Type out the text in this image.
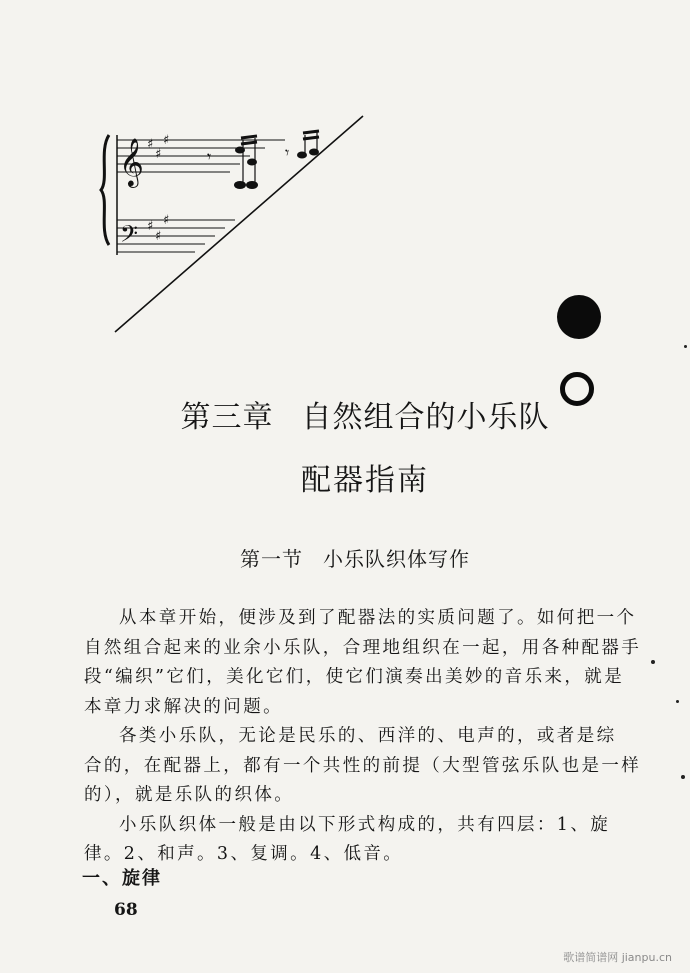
𝄞
𝄢
♯
♯
♯
♯
♯
♯
𝄾	𝄾
第三章 自然组合的小乐队
配器指南
第一节 小乐队织体写作
从本章开始，便涉及到了配器法的实质问题了。如何把一个
自然组合起来的业余小乐队，合理地组织在一起，用各种配器手
段“编织”它们，美化它们，使它们演奏出美妙的音乐来，就是
本章力求解决的问题。
各类小乐队，无论是民乐的、西洋的、电声的，或者是综
合的，在配器上，都有一个共性的前提（大型管弦乐队也是一样
的），就是乐队的织体。
小乐队织体一般是由以下形式构成的，共有四层：1、旋
律。2、和声。3、复调。4、低音。
一、旋律
68
歌谱简谱网 jianpu.cn
